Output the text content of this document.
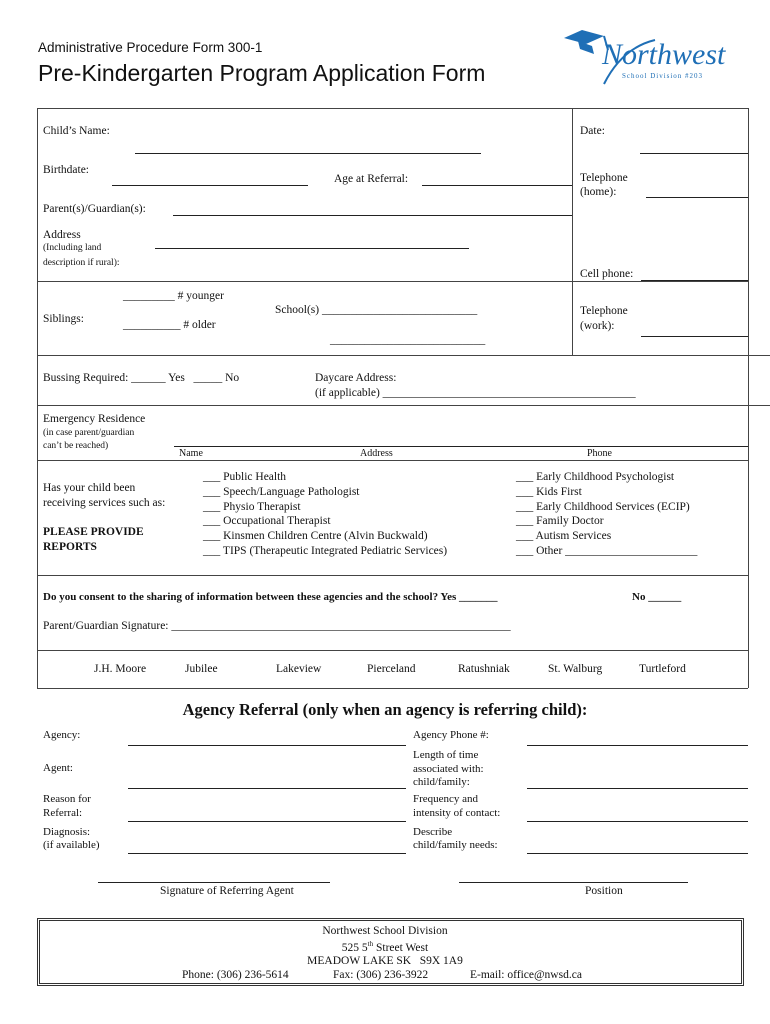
Administrative Procedure Form 300-1
Pre-Kindergarten Program Application Form
Northwest
School Division #203
Child’s Name:	Date:
Birthdate:
Age at Referral:	Telephone
(home):
Parent(s)/Guardian(s):
Address
(Including land
description if rural):
Cell phone:
_________ # younger
Siblings:	__________ # older
School(s) ___________________________
___________________________
Telephone
(work):
Bussing Required: ______ Yes   _____ No	Daycare Address:
(if applicable) ____________________________________________
Emergency Residence
(in case parent/guardian
can’t be reached)
Name	Address	Phone
Has your child been
receiving services such as:
PLEASE PROVIDE
REPORTS
___ Public Health
___ Speech/Language Pathologist
___ Physio Therapist
___ Occupational Therapist
___ Kinsmen Children Centre (Alvin Buckwald)
___ TIPS (Therapeutic Integrated Pediatric Services)
___ Early Childhood Psychologist
___ Kids First
___ Early Childhood Services (ECIP)
___ Family Doctor
___ Autism Services
___ Other _______________________
Do you consent to the sharing of information between these agencies and the school? Yes _______	No ______
Parent/Guardian Signature: ___________________________________________________________
J.H. Moore	Jubilee	Lakeview	Pierceland	Ratushniak	St. Walburg	Turtleford
Agency Referral (only when an agency is referring child):
Agency:
Agent:
Reason for
Referral:
Diagnosis:
(if available)
Agency Phone #:
Length of time
associated with:
child/family:
Frequency and
intensity of contact:
Describe
child/family needs:
Signature of Referring Agent	Position
Northwest School Division
525 5th Street West
MEADOW LAKE SK   S9X 1A9
Phone: (306) 236-5614	Fax: (306) 236-3922	E-mail: office@nwsd.ca
